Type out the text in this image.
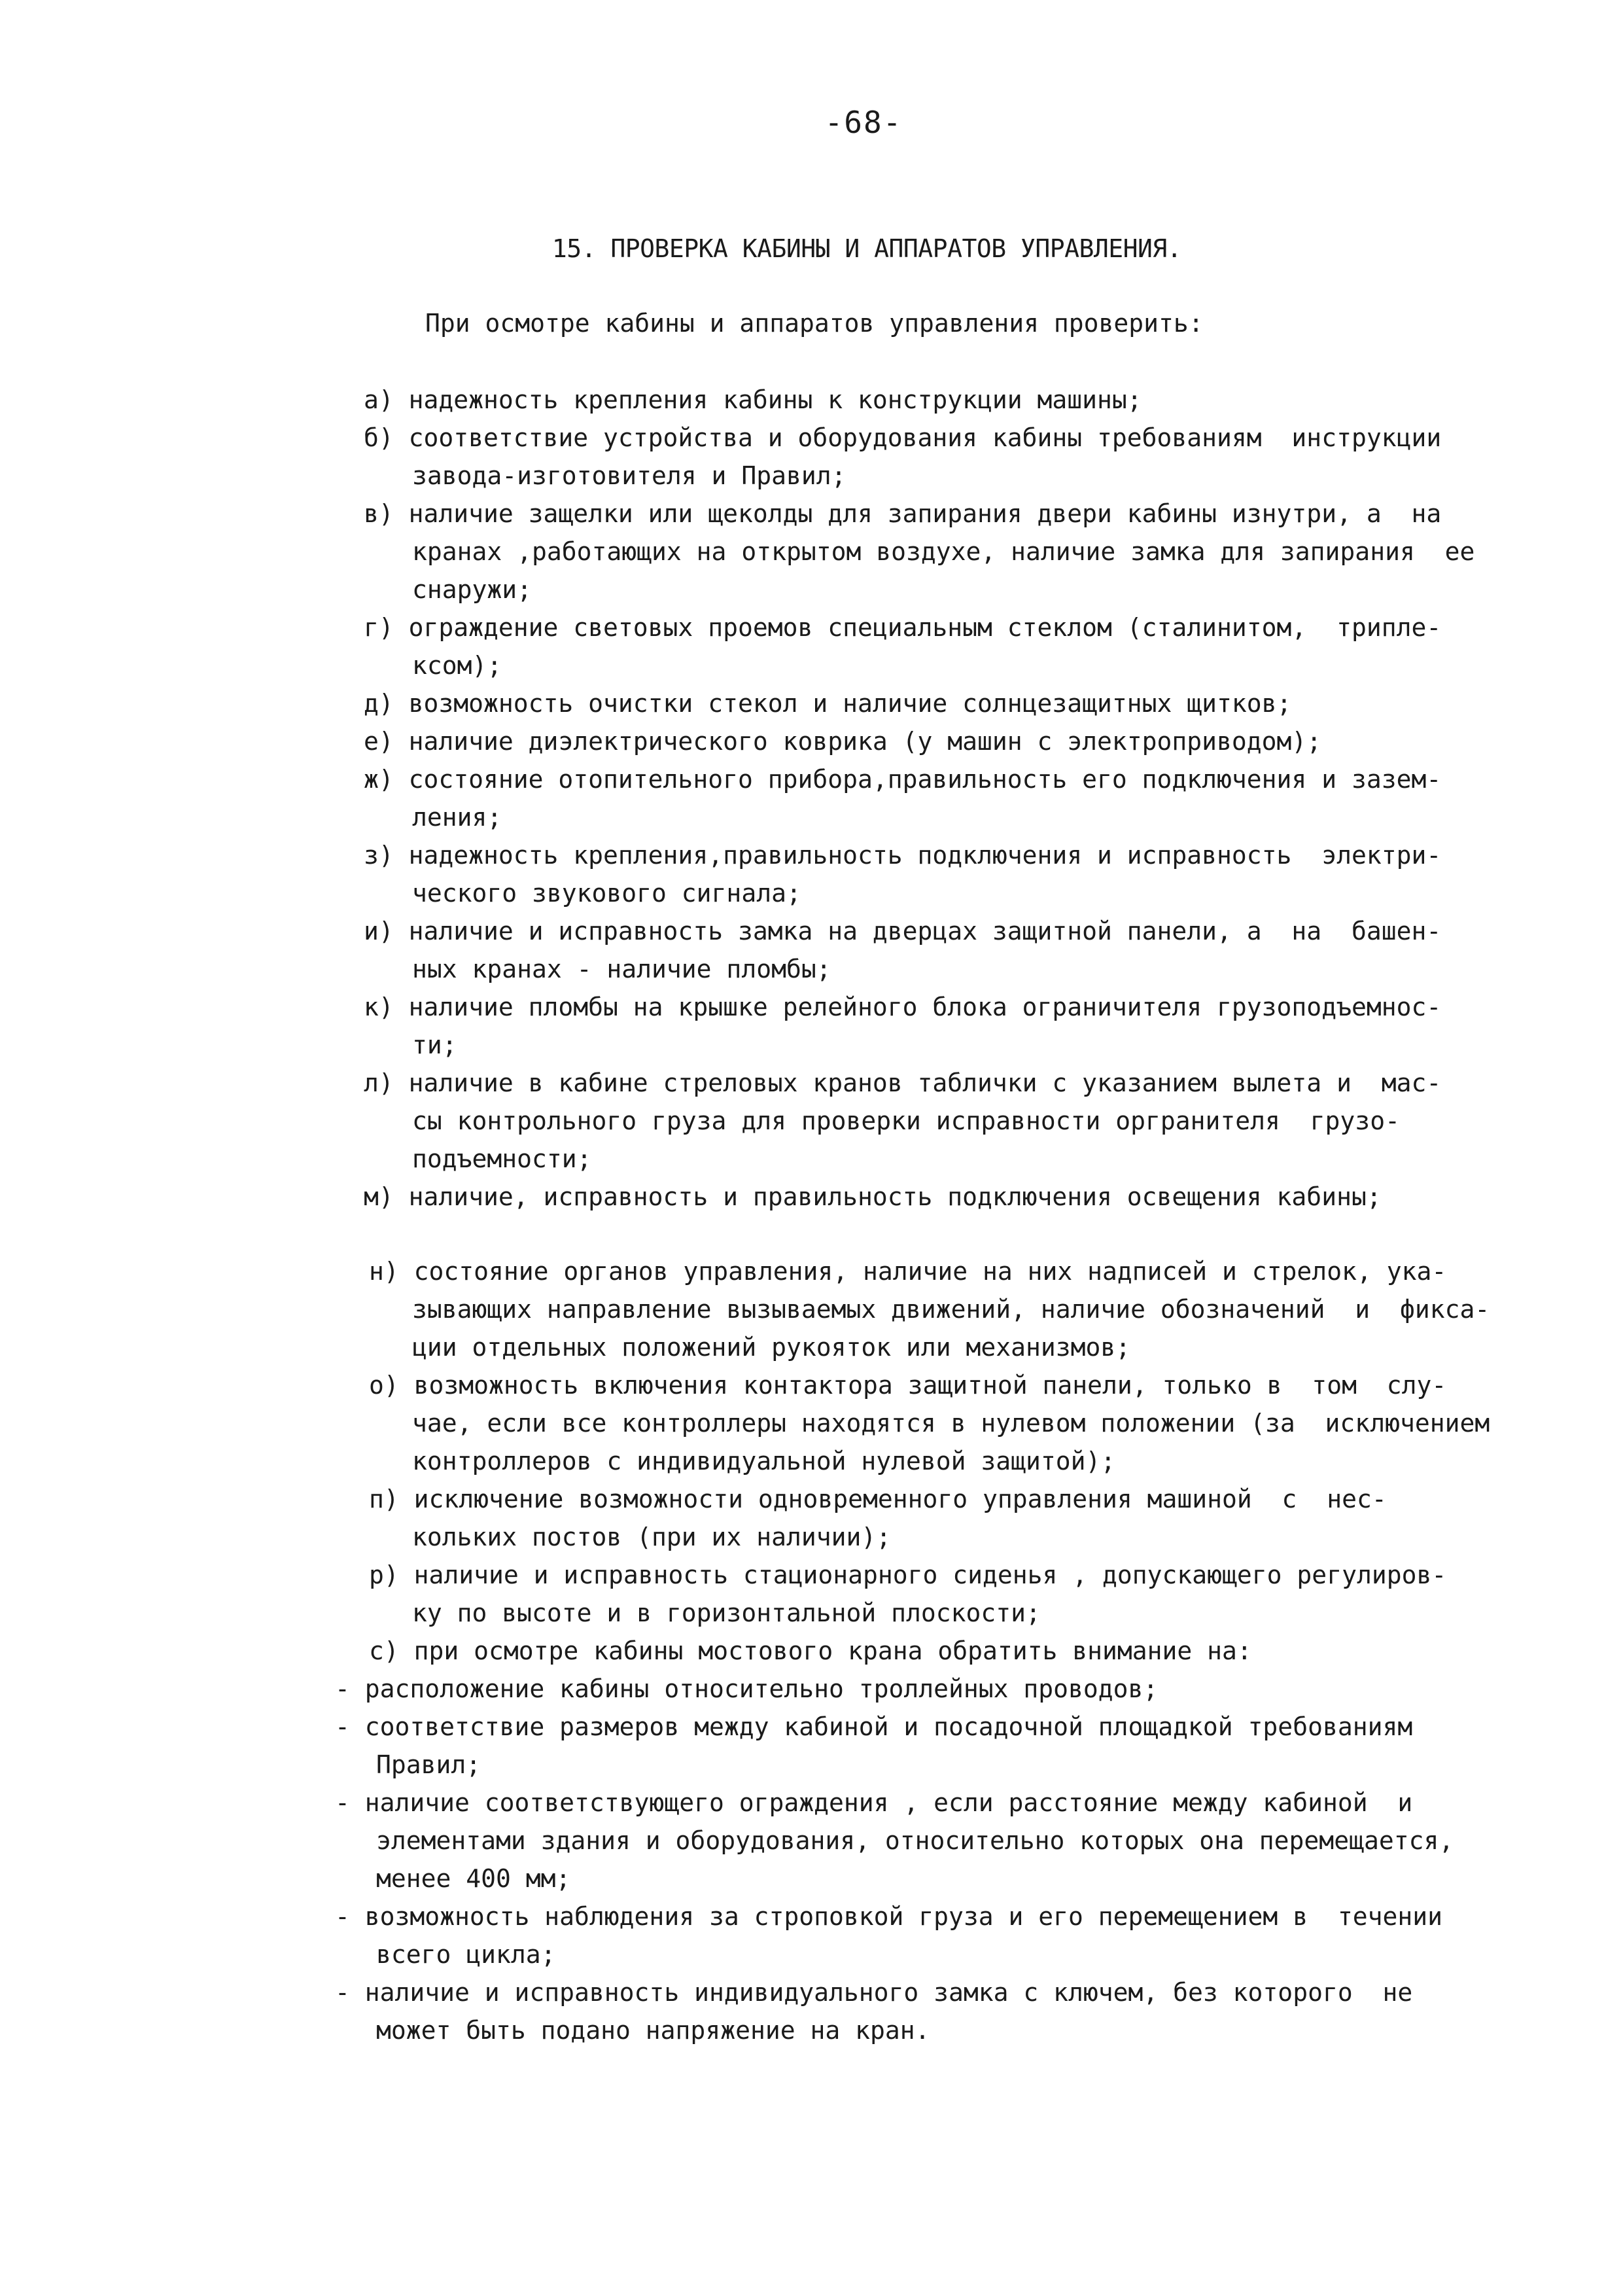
-68-
15. ПРОВЕРКА КАБИНЫ И АППАРАТОВ УПРАВЛЕНИЯ.
При осмотре кабины и аппаратов управления проверить:
а) надежность крепления кабины к конструкции машины;
б) соответствие устройства и оборудования кабины требованиям  инструкции
завода-изготовителя и Правил;
в) наличие защелки или щеколды для запирания двери кабины изнутри, а  на
кранах ,работающих на открытом воздухе, наличие замка для запирания  ее
снаружи;
г) ограждение световых проемов специальным стеклом (сталинитом,  трипле-
ксом);
д) возможность очистки стекол и наличие солнцезащитных щитков;
е) наличие диэлектрического коврика (у машин с электроприводом);
ж) состояние отопительного прибора,правильность его подключения и зазем-
ления;
з) надежность крепления,правильность подключения и исправность  электри-
ческого звукового сигнала;
и) наличие и исправность замка на дверцах защитной панели, а  на  башен-
ных кранах - наличие пломбы;
к) наличие пломбы на крышке релейного блока ограничителя грузоподъемнос-
ти;
л) наличие в кабине стреловых кранов таблички с указанием вылета и  мас-
сы контрольного груза для проверки исправности оргранителя  грузо-
подъемности;
м) наличие, исправность и правильность подключения освещения кабины;
н) состояние органов управления, наличие на них надписей и стрелок, ука-
зывающих направление вызываемых движений, наличие обозначений  и  фикса-
ции отдельных положений рукояток или механизмов;
о) возможность включения контактора защитной панели, только в  том  слу-
чае, если все контроллеры находятся в нулевом положении (за  исключением
контроллеров с индивидуальной нулевой защитой);
п) исключение возможности одновременного управления машиной  с  нес-
кольких постов (при их наличии);
р) наличие и исправность стационарного сиденья , допускающего регулиров-
ку по высоте и в горизонтальной плоскости;
с) при осмотре кабины мостового крана обратить внимание на:
- расположение кабины относительно троллейных проводов;
- соответствие размеров между кабиной и посадочной площадкой требованиям
Правил;
- наличие соответствующего ограждения , если расстояние между кабиной  и
элементами здания и оборудования, относительно которых она перемещается,
менее 400 мм;
- возможность наблюдения за строповкой груза и его перемещением в  течении
всего цикла;
- наличие и исправность индивидуального замка с ключем, без которого  не
может быть подано напряжение на кран.
